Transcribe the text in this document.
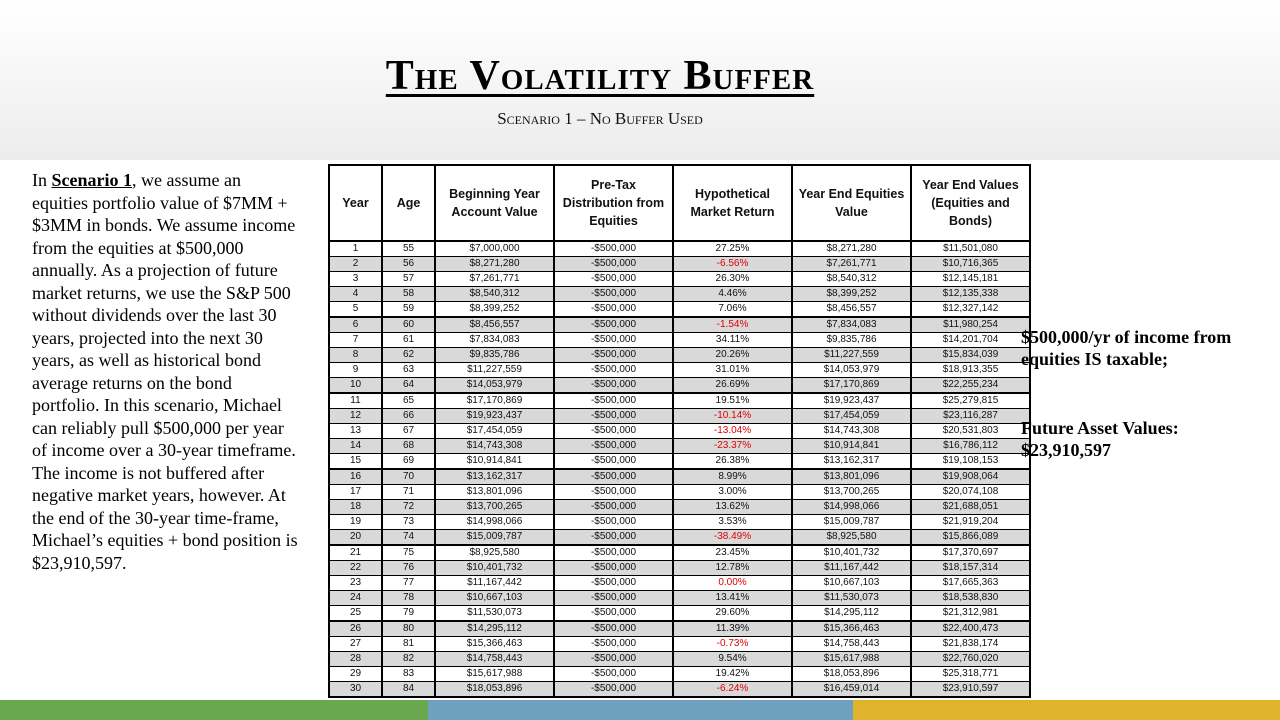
The Volatility Buffer
Scenario 1 – No Buffer Used
In Scenario 1, we assume an equities portfolio value of $7MM + $3MM in bonds. We assume income from the equities at $500,000 annually. As a projection of future market returns, we use the S&P 500 without dividends over the last 30 years, projected into the next 30 years, as well as historical bond average returns on the bond portfolio. In this scenario, Michael can reliably pull $500,000 per year of income over a 30-year timeframe. The income is not buffered after negative market years, however. At the end of the 30-year time-frame, Michael’s equities + bond position is $23,910,597.
Year	Age	Beginning Year Account Value	Pre-Tax Distribution from Equities	Hypothetical Market Return	Year End Equities Value	Year End Values (Equities and Bonds)
1	55	$7,000,000	-$500,000	27.25%	$8,271,280	$11,501,080
2	56	$8,271,280	-$500,000	-6.56%	$7,261,771	$10,716,365
3	57	$7,261,771	-$500,000	26.30%	$8,540,312	$12,145,181
4	58	$8,540,312	-$500,000	4.46%	$8,399,252	$12,135,338
5	59	$8,399,252	-$500,000	7.06%	$8,456,557	$12,327,142
6	60	$8,456,557	-$500,000	-1.54%	$7,834,083	$11,980,254
7	61	$7,834,083	-$500,000	34.11%	$9,835,786	$14,201,704
8	62	$9,835,786	-$500,000	20.26%	$11,227,559	$15,834,039
9	63	$11,227,559	-$500,000	31.01%	$14,053,979	$18,913,355
10	64	$14,053,979	-$500,000	26.69%	$17,170,869	$22,255,234
11	65	$17,170,869	-$500,000	19.51%	$19,923,437	$25,279,815
12	66	$19,923,437	-$500,000	-10.14%	$17,454,059	$23,116,287
13	67	$17,454,059	-$500,000	-13.04%	$14,743,308	$20,531,803
14	68	$14,743,308	-$500,000	-23.37%	$10,914,841	$16,786,112
15	69	$10,914,841	-$500,000	26.38%	$13,162,317	$19,108,153
16	70	$13,162,317	-$500,000	8.99%	$13,801,096	$19,908,064
17	71	$13,801,096	-$500,000	3.00%	$13,700,265	$20,074,108
18	72	$13,700,265	-$500,000	13.62%	$14,998,066	$21,688,051
19	73	$14,998,066	-$500,000	3.53%	$15,009,787	$21,919,204
20	74	$15,009,787	-$500,000	-38.49%	$8,925,580	$15,866,089
21	75	$8,925,580	-$500,000	23.45%	$10,401,732	$17,370,697
22	76	$10,401,732	-$500,000	12.78%	$11,167,442	$18,157,314
23	77	$11,167,442	-$500,000	0.00%	$10,667,103	$17,665,363
24	78	$10,667,103	-$500,000	13.41%	$11,530,073	$18,538,830
25	79	$11,530,073	-$500,000	29.60%	$14,295,112	$21,312,981
26	80	$14,295,112	-$500,000	11.39%	$15,366,463	$22,400,473
27	81	$15,366,463	-$500,000	-0.73%	$14,758,443	$21,838,174
28	82	$14,758,443	-$500,000	9.54%	$15,617,988	$22,760,020
29	83	$15,617,988	-$500,000	19.42%	$18,053,896	$25,318,771
30	84	$18,053,896	-$500,000	-6.24%	$16,459,014	$23,910,597
$500,000/yr of income from equities IS taxable;
Future Asset Values:
$23,910,597
